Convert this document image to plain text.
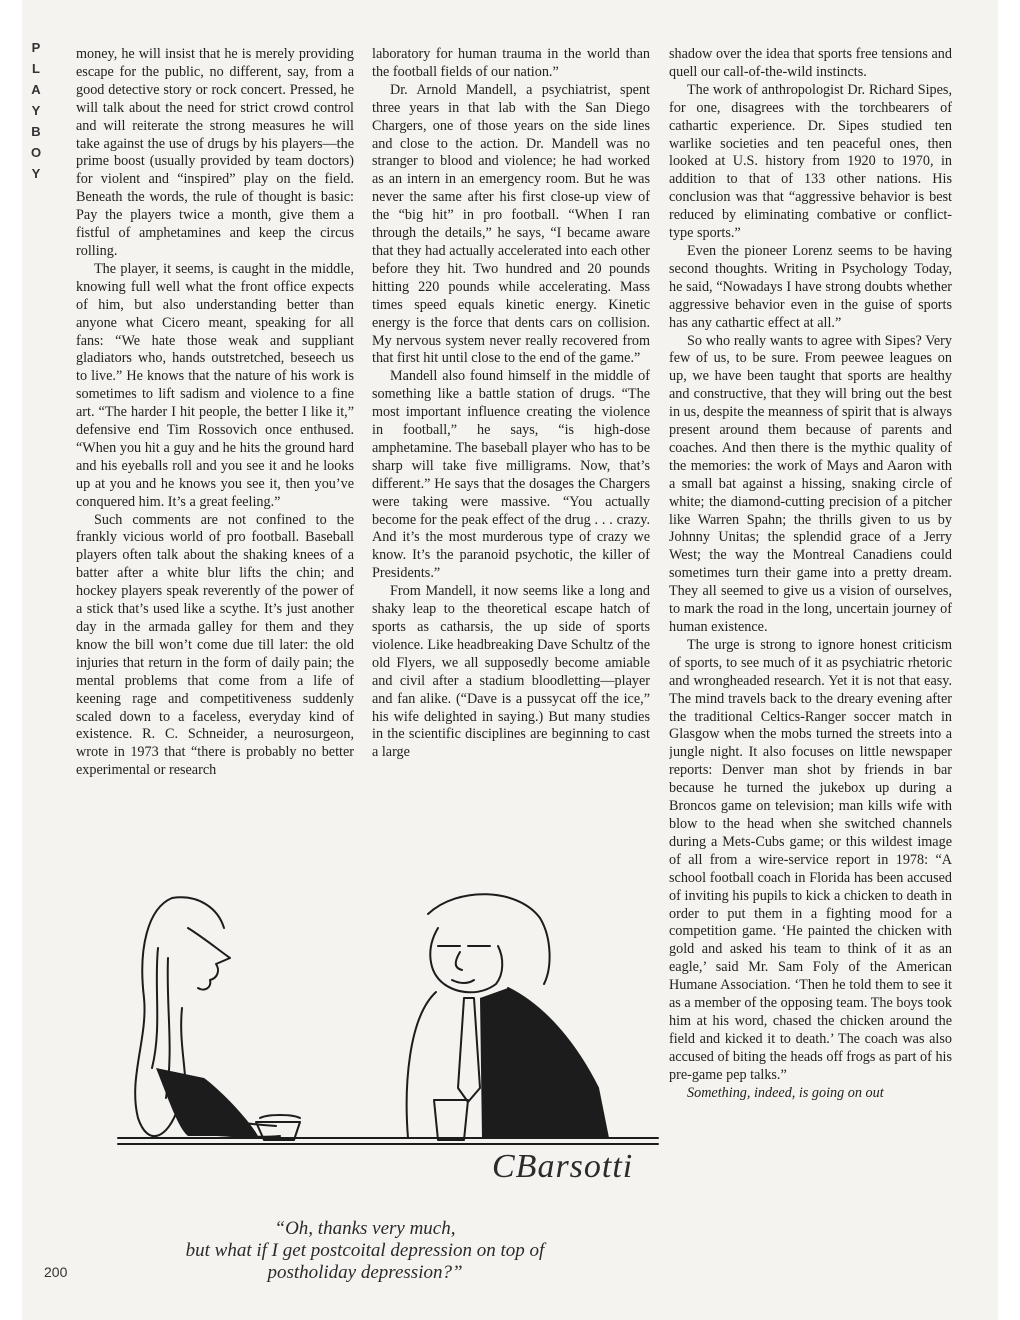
P
L
A
Y
B
O
Y

money, he will insist that he is merely providing escape for the public, no different, say, from a good detective story or rock concert. Pressed, he will talk about the need for strict crowd control and will reiterate the strong measures he will take against the use of drugs by his players—the prime boost (usually provided by team doctors) for violent and “inspired” play on the field. Beneath the words, the rule of thought is basic: Pay the players twice a month, give them a fistful of amphetamines and keep the circus rolling.

The player, it seems, is caught in the middle, knowing full well what the front office expects of him, but also understanding better than anyone what Cicero meant, speaking for all fans: “We hate those weak and suppliant gladiators who, hands outstretched, beseech us to live.” He knows that the nature of his work is sometimes to lift sadism and violence to a fine art. “The harder I hit people, the better I like it,” defensive end Tim Rossovich once enthused. “When you hit a guy and he hits the ground hard and his eyeballs roll and you see it and he looks up at you and he knows you see it, then you’ve conquered him. It’s a great feeling.”

Such comments are not confined to the frankly vicious world of pro football. Baseball players often talk about the shaking knees of a batter after a white blur lifts the chin; and hockey players speak reverently of the power of a stick that’s used like a scythe. It’s just another day in the armada galley for them and they know the bill won’t come due till later: the old injuries that return in the form of daily pain; the mental problems that come from a life of keening rage and competitiveness suddenly scaled down to a faceless, everyday kind of existence. R. C. Schneider, a neurosurgeon, wrote in 1973 that “there is probably no better experimental or research

laboratory for human trauma in the world than the football fields of our nation.”

Dr. Arnold Mandell, a psychiatrist, spent three years in that lab with the San Diego Chargers, one of those years on the side lines and close to the action. Dr. Mandell was no stranger to blood and violence; he had worked as an intern in an emergency room. But he was never the same after his first close-up view of the “big hit” in pro football. “When I ran through the details,” he says, “I became aware that they had actually accelerated into each other before they hit. Two hundred and 20 pounds hitting 220 pounds while accelerating. Mass times speed equals kinetic energy. Kinetic energy is the force that dents cars on collision. My nervous system never really recovered from that first hit until close to the end of the game.”

Mandell also found himself in the middle of something like a battle station of drugs. “The most important influence creating the violence in football,” he says, “is high-dose amphetamine. The baseball player who has to be sharp will take five milligrams. Now, that’s different.” He says that the dosages the Chargers were taking were massive. “You actually become for the peak effect of the drug . . . crazy. And it’s the most murderous type of crazy we know. It’s the paranoid psychotic, the killer of Presidents.”

From Mandell, it now seems like a long and shaky leap to the theoretical escape hatch of sports as catharsis, the up side of sports violence. Like headbreaking Dave Schultz of the old Flyers, we all supposedly become amiable and civil after a stadium bloodletting—player and fan alike. (“Dave is a pussycat off the ice,” his wife delighted in saying.) But many studies in the scientific disciplines are beginning to cast a large

shadow over the idea that sports free tensions and quell our call-of-the-wild instincts.

The work of anthropologist Dr. Richard Sipes, for one, disagrees with the torchbearers of cathartic experience. Dr. Sipes studied ten warlike societies and ten peaceful ones, then looked at U.S. history from 1920 to 1970, in addition to that of 133 other nations. His conclusion was that “aggressive behavior is best reduced by eliminating combative or conflict-type sports.”

Even the pioneer Lorenz seems to be having second thoughts. Writing in Psychology Today, he said, “Nowadays I have strong doubts whether aggressive behavior even in the guise of sports has any cathartic effect at all.”

So who really wants to agree with Sipes? Very few of us, to be sure. From peewee leagues on up, we have been taught that sports are healthy and constructive, that they will bring out the best in us, despite the meanness of spirit that is always present around them because of parents and coaches. And then there is the mythic quality of the memories: the work of Mays and Aaron with a small bat against a hissing, snaking circle of white; the diamond-cutting precision of a pitcher like Warren Spahn; the thrills given to us by Johnny Unitas; the splendid grace of a Jerry West; the way the Montreal Canadiens could sometimes turn their game into a pretty dream. They all seemed to give us a vision of ourselves, to mark the road in the long, uncertain journey of human existence.

The urge is strong to ignore honest criticism of sports, to see much of it as psychiatric rhetoric and wrongheaded research. Yet it is not that easy. The mind travels back to the dreary evening after the traditional Celtics-Ranger soccer match in Glasgow when the mobs turned the streets into a jungle night. It also focuses on little newspaper reports: Denver man shot by friends in bar because he turned the jukebox up during a Broncos game on television; man kills wife with blow to the head when she switched channels during a Mets-Cubs game; or this wildest image of all from a wire-service report in 1978: “A school football coach in Florida has been accused of inviting his pupils to kick a chicken to death in order to put them in a fighting mood for a competition game. ‘He painted the chicken with gold and asked his team to think of it as an eagle,’ said Mr. Sam Foly of the American Humane Association. ‘Then he told them to see it as a member of the opposing team. The boys took him at his word, chased the chicken around the field and kicked it to death.’ The coach was also accused of biting the heads off frogs as part of his pre-game pep talks.”

Something, indeed, is going on out

CBarsotti
“Oh, thanks very much,
but what if I get postcoital depression on top of
postholiday depression?”
200
